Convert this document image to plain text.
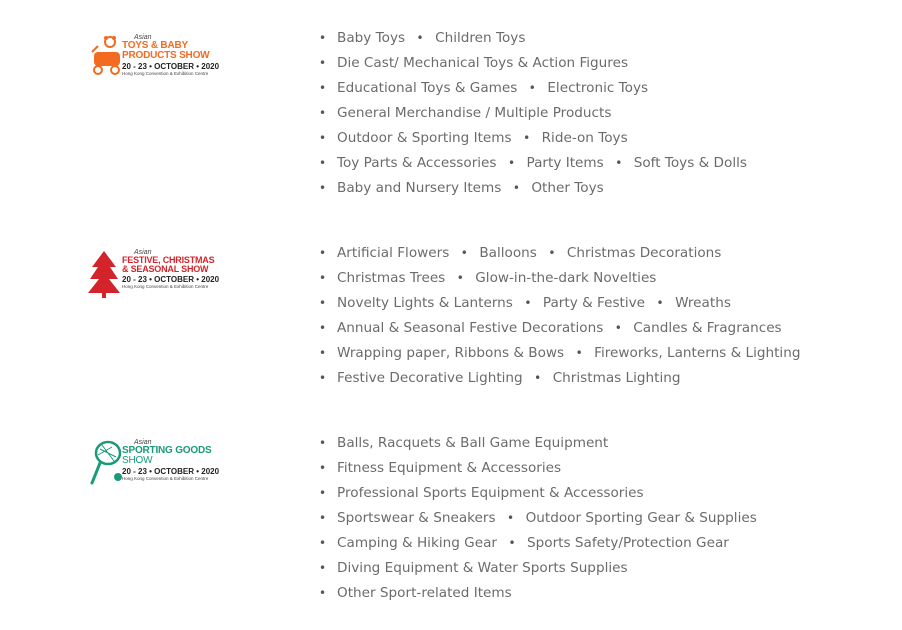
Asian
TOYS & BABY
PRODUCTS SHOW
20 - 23 • OCTOBER • 2020
Hong Kong Convention & Exhibition Centre
• Baby Toys • Children Toys
• Die Cast/ Mechanical Toys & Action Figures
• Educational Toys & Games • Electronic Toys
• General Merchandise / Multiple Products
• Outdoor & Sporting Items • Ride-on Toys
• Toy Parts & Accessories • Party Items • Soft Toys & Dolls
• Baby and Nursery Items • Other Toys
Asian
FESTIVE, CHRISTMAS
& SEASONAL SHOW
20 - 23 • OCTOBER • 2020
Hong Kong Convention & Exhibition Centre
• Artificial Flowers • Balloons • Christmas Decorations
• Christmas Trees • Glow-in-the-dark Novelties
• Novelty Lights & Lanterns • Party & Festive • Wreaths
• Annual & Seasonal Festive Decorations • Candles & Fragrances
• Wrapping paper, Ribbons & Bows • Fireworks, Lanterns & Lighting
• Festive Decorative Lighting • Christmas Lighting
Asian
SPORTING GOODS
SHOW
20 - 23 • OCTOBER • 2020
Hong Kong Convention & Exhibition Centre
• Balls, Racquets & Ball Game Equipment
• Fitness Equipment & Accessories
• Professional Sports Equipment & Accessories
• Sportswear & Sneakers • Outdoor Sporting Gear & Supplies
• Camping & Hiking Gear • Sports Safety/Protection Gear
• Diving Equipment & Water Sports Supplies
• Other Sport-related Items
